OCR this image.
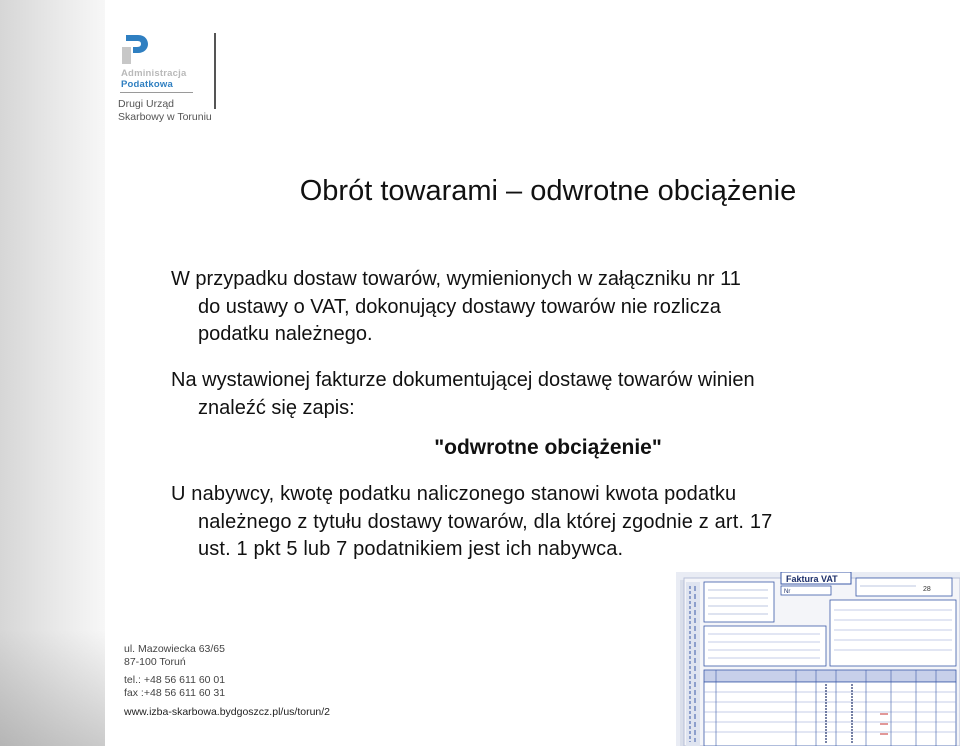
Administracja
Podatkowa
Drugi Urząd
Skarbowy w Toruniu
Obrót towarami – odwrotne obciążenie
W przypadku dostaw towarów, wymienionych w załączniku nr 11
do ustawy o VAT, dokonujący dostawy towarów nie rozlicza
podatku należnego.
Na wystawionej fakturze dokumentującej dostawę towarów winien
znaleźć się zapis:
"odwrotne obciążenie"
U nabywcy, kwotę podatku naliczonego stanowi kwota podatku
należnego z tytułu dostawy towarów, dla której zgodnie z art. 17
ust. 1 pkt 5 lub 7 podatnikiem jest ich nabywca.
ul. Mazowiecka 63/65
87-100 Toruń
tel.: +48 56 611 60 01
fax :+48 56 611 60 31
www.izba-skarbowa.bydgoszcz.pl/us/torun/2
Faktura VAT
Nr	28
